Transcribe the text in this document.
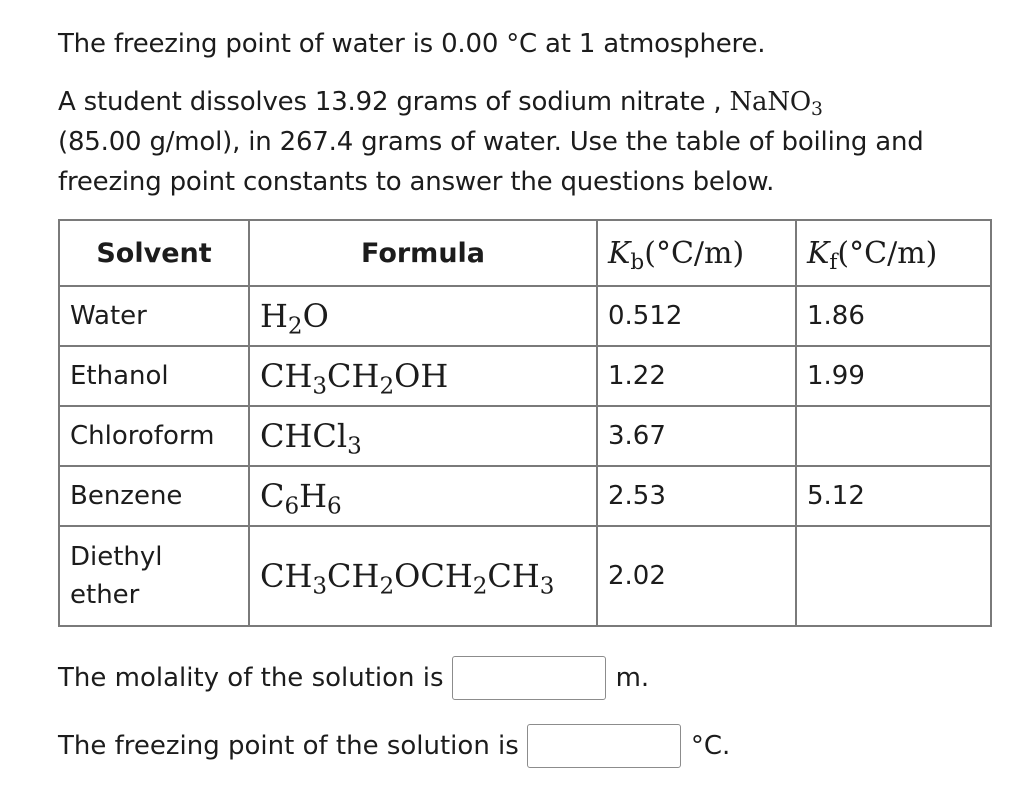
The freezing point of water is 0.00 °C at 1 atmosphere.

A student dissolves 13.92 grams of sodium nitrate , NaNO$_3$
(85.00 g/mol), in 267.4 grams of water. Use the table of boiling and freezing point constants to answer the questions below.

Solvent	Formula	$K_b(^\circ C/m)$	$K_f(^\circ C/m)$
Water	$H_2O$	0.512	1.86
Ethanol	$CH_3CH_2OH$	1.22	1.99
Chloroform	CHCl$_3$	3.67	
Benzene	$C_6H_6$	2.53	5.12
Diethyl ether	$CH_3CH_2OCH_2CH_3$	2.02	
The molality of the solution is	m.
The freezing point of the solution is	°C.
